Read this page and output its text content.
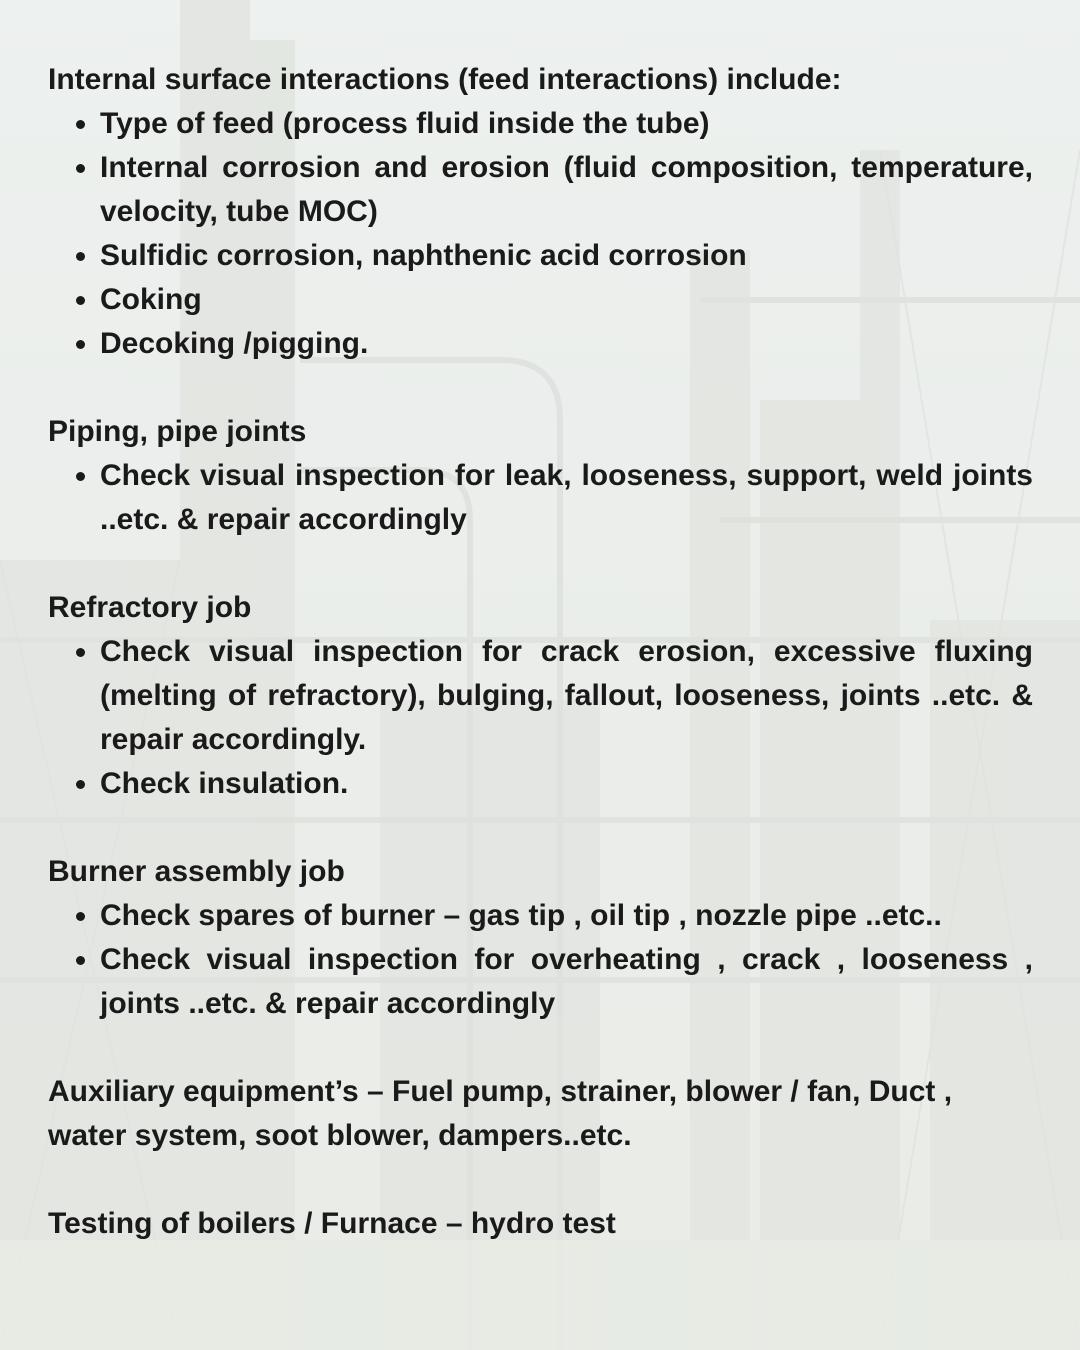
Internal surface interactions (feed interactions) include:

• Type of feed (process fluid inside the tube)
• Internal corrosion and erosion (fluid composition, temperature, velocity, tube MOC)
• Sulfidic corrosion, naphthenic acid corrosion
• Coking
• Decoking /pigging.

Piping, pipe joints

• Check visual inspection for leak, looseness, support, weld joints ..etc. & repair accordingly

Refractory job

• Check visual inspection for crack erosion, excessive fluxing (melting of refractory), bulging, fallout, looseness, joints ..etc. & repair accordingly.
• Check insulation.

Burner assembly job

• Check spares of burner – gas tip , oil tip , nozzle pipe ..etc..
• Check visual inspection for overheating , crack , looseness , joints ..etc. & repair accordingly

Auxiliary equipment’s – Fuel pump, strainer, blower / fan, Duct , water system, soot blower, dampers..etc.

Testing of boilers / Furnace – hydro test
